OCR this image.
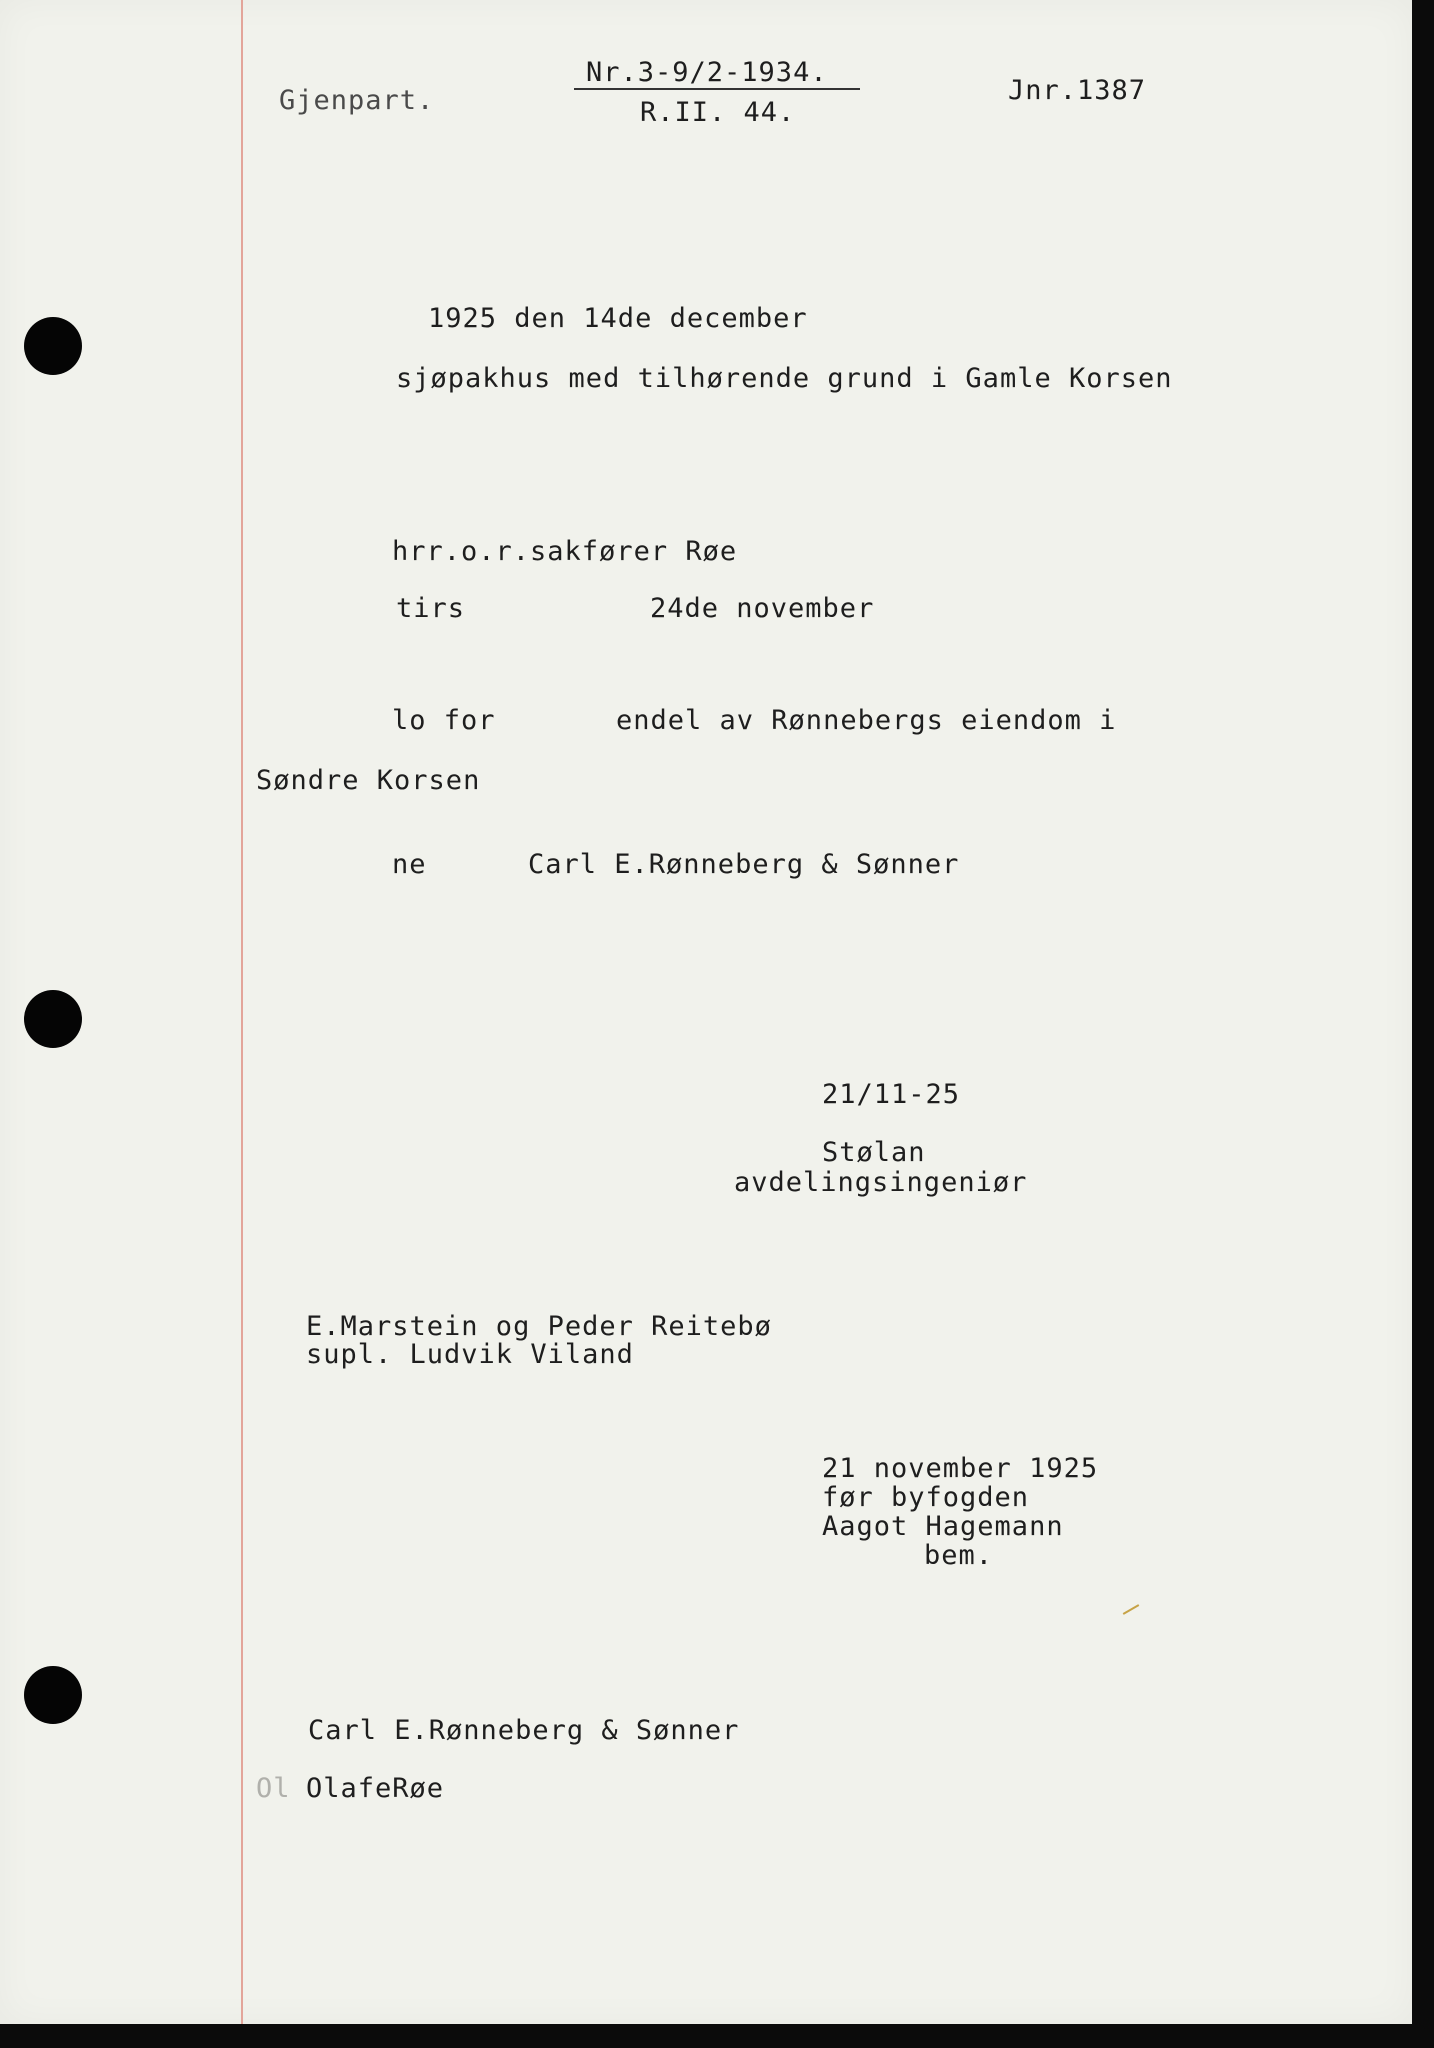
Gjenpart.
Nr.3-9/2-1934.
R.II. 44.
Jnr.1387
1925 den 14de december
sjøpakhus med tilhørende grund i Gamle Korsen
hrr.o.r.sakfører Røe
tirs	24de november
lo for	endel av Rønnebergs eiendom i
Søndre Korsen
ne	Carl E.Rønneberg & Sønner
21/11-25
Stølan
avdelingsingeniør
E.Marstein og Peder Reitebø
supl. Ludvik Viland
21 november 1925
før byfogden
Aagot Hagemann
bem.
Carl E.Rønneberg & Sønner
Ol OlafeRøe
